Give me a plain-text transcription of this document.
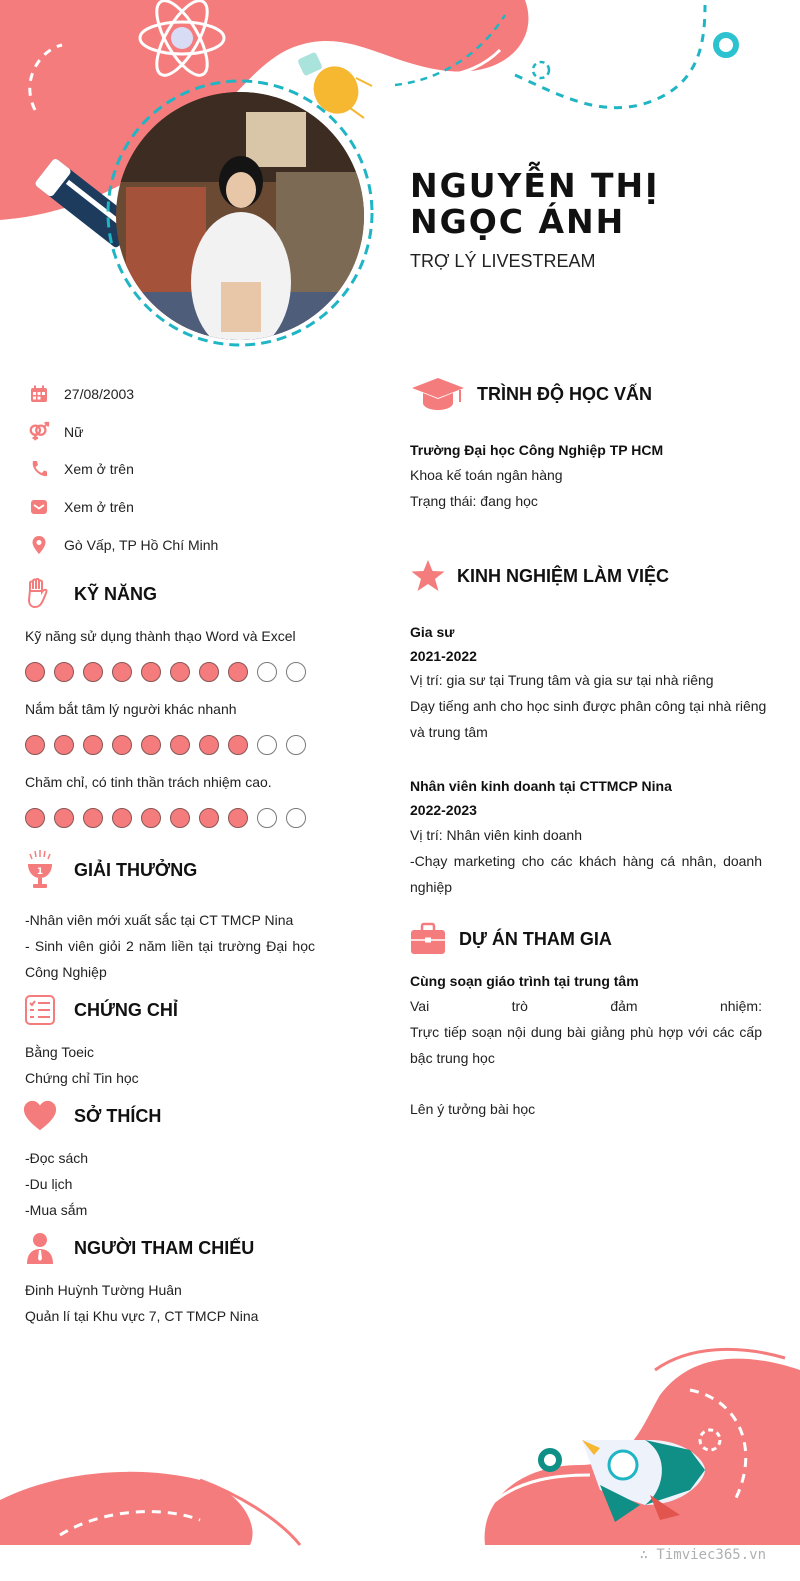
NGUYỄN THỊ NGỌC ÁNH
TRỢ LÝ LIVESTREAM
27/08/2003
Nữ
Xem ở trên
Xem ở trên
Gò Vấp, TP Hồ Chí Minh
KỸ NĂNG
Kỹ năng sử dụng thành thạo Word và Excel
Nắm bắt tâm lý người khác nhanh
Chăm chỉ, có tinh thần trách nhiệm cao.
1 GIẢI THƯỞNG
-Nhân viên mới xuất sắc tại CT TMCP Nina
- Sinh viên giỏi 2 năm liền tại trường Đại học
Công Nghiệp
CHỨNG CHỈ
Bằng Toeic
Chứng chỉ Tin học
SỞ THÍCH
-Đọc sách
-Du lịch
-Mua sắm
NGƯỜI THAM CHIẾU
Đinh Huỳnh Tường Huân
Quản lí tại Khu vực 7, CT TMCP Nina
TRÌNH ĐỘ HỌC VẤN
Trường Đại học Công Nghiệp TP HCM
Khoa kế toán ngân hàng
Trạng thái: đang học
KINH NGHIỆM LÀM VIỆC
Gia sư
2021-2022
Vị trí: gia sư tại Trung tâm và gia sư tại nhà riêng
Dạy tiếng anh cho học sinh được phân công tại nhà riêng
và trung tâm
Nhân viên kinh doanh tại CTTMCP Nina
2022-2023
Vị trí: Nhân viên kinh doanh
-Chạy marketing cho các khách hàng cá nhân, doanh
nghiệp
DỰ ÁN THAM GIA
Cùng soạn giáo trình tại trung tâm
Vai trò đảm nhiệm:
Trực tiếp soạn nội dung bài giảng phù hợp với các cấp
bậc trung học
Lên ý tưởng bài học
∴ Timviec365.vn
